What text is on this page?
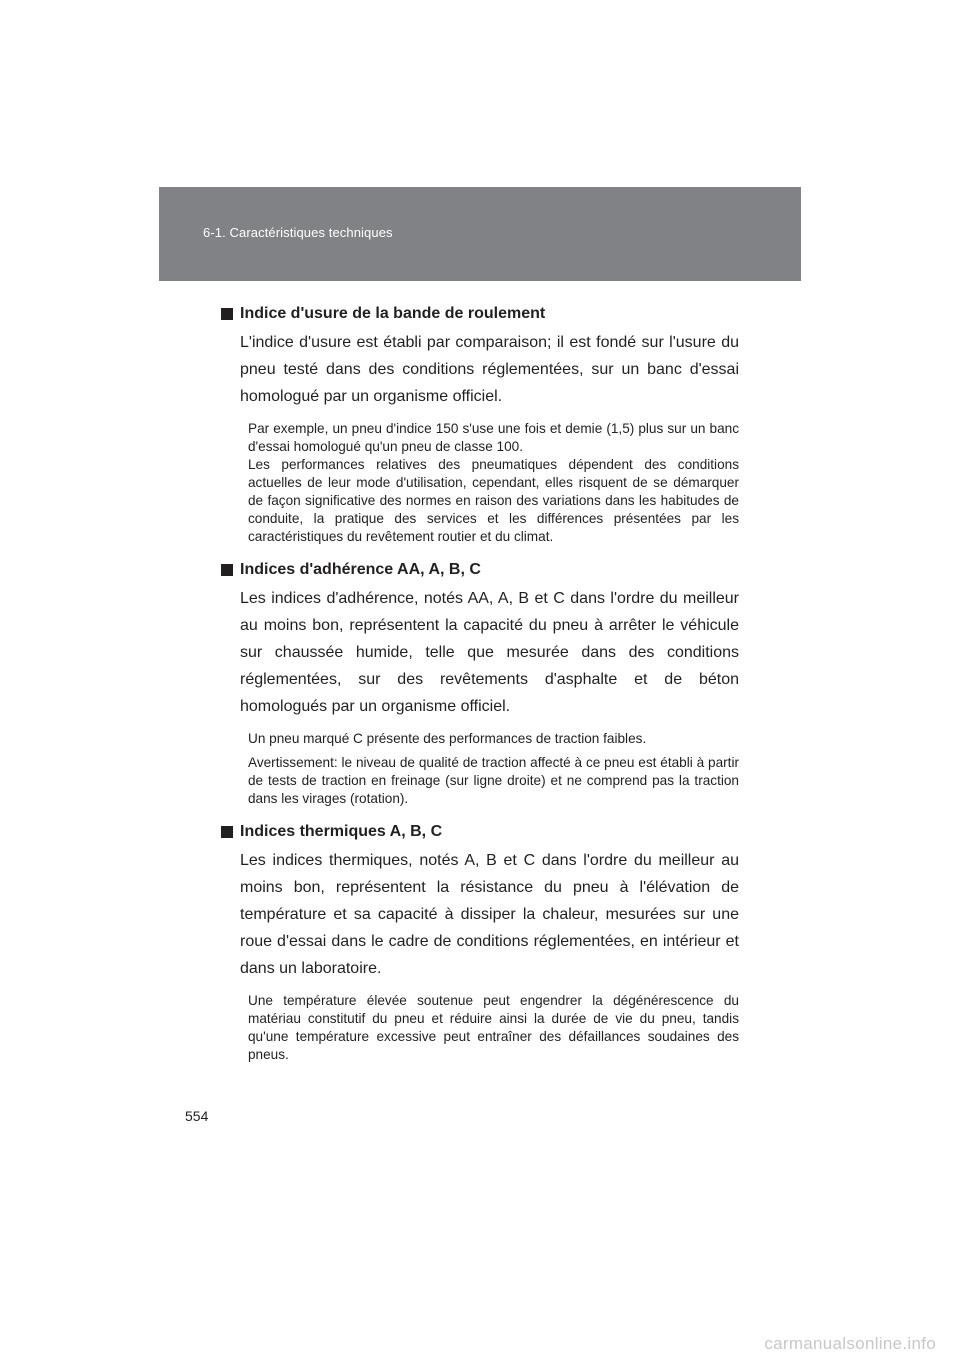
6-1. Caractéristiques techniques
Indice d'usure de la bande de roulement

L'indice d'usure est établi par comparaison; il est fondé sur l'usure du pneu testé dans des conditions réglementées, sur un banc d'essai homologué par un organisme officiel.

Par exemple, un pneu d'indice 150 s'use une fois et demie (1,5) plus sur un banc d'essai homologué qu'un pneu de classe 100.
Les performances relatives des pneumatiques dépendent des conditions actuelles de leur mode d'utilisation, cependant, elles risquent de se démarquer de façon significative des normes en raison des variations dans les habitudes de conduite, la pratique des services et les différences présentées par les caractéristiques du revêtement routier et du climat.
Indices d'adhérence AA, A, B, C

Les indices d'adhérence, notés AA, A, B et C dans l'ordre du meilleur au moins bon, représentent la capacité du pneu à arrêter le véhicule sur chaussée humide, telle que mesurée dans des conditions réglementées, sur des revêtements d'asphalte et de béton homologués par un organisme officiel.

Un pneu marqué C présente des performances de traction faibles.
Avertissement: le niveau de qualité de traction affecté à ce pneu est établi à partir de tests de traction en freinage (sur ligne droite) et ne comprend pas la traction dans les virages (rotation).
Indices thermiques A, B, C

Les indices thermiques, notés A, B et C dans l'ordre du meilleur au moins bon, représentent la résistance du pneu à l'élévation de température et sa capacité à dissiper la chaleur, mesurées sur une roue d'essai dans le cadre de conditions réglementées, en intérieur et dans un laboratoire.

Une température élevée soutenue peut engendrer la dégénérescence du matériau constitutif du pneu et réduire ainsi la durée de vie du pneu, tandis qu'une température excessive peut entraîner des défaillances soudaines des pneus.
554
carmanualsonline.info
